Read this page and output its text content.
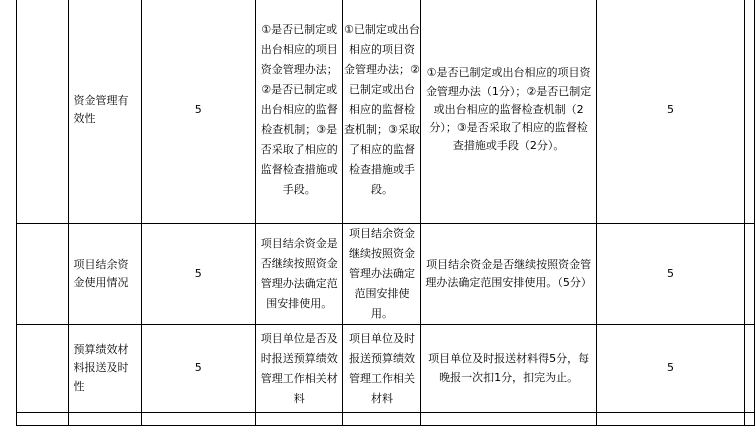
	资金管理有效性	5	①是否已制定或出台相应的项目资金管理办法；②是否已制定或出台相应的监督检查机制；③是否采取了相应的监督检查措施或手段。	①已制定或出台相应的项目资金管理办法；②已制定或出台相应的监督检查机制；③采取了相应的监督检查措施或手段。	①是否已制定或出台相应的项目资金管理办法（1分）；②是否已制定或出台相应的监督检查机制（2分）；③是否采取了相应的监督检查措施或手段（2分）。	5	
	项目结余资金使用情况	5	项目结余资金是否继续按照资金管理办法确定范围安排使用。	项目结余资金继续按照资金管理办法确定范围安排使用。	项目结余资金是否继续按照资金管理办法确定范围安排使用。（5分）	5	
	预算绩效材料报送及时性	5	项目单位是否及时报送预算绩效管理工作相关材料	项目单位及时报送预算绩效管理工作相关材料	项目单位及时报送材料得5分，每晚报一次扣1分，扣完为止。	5	
